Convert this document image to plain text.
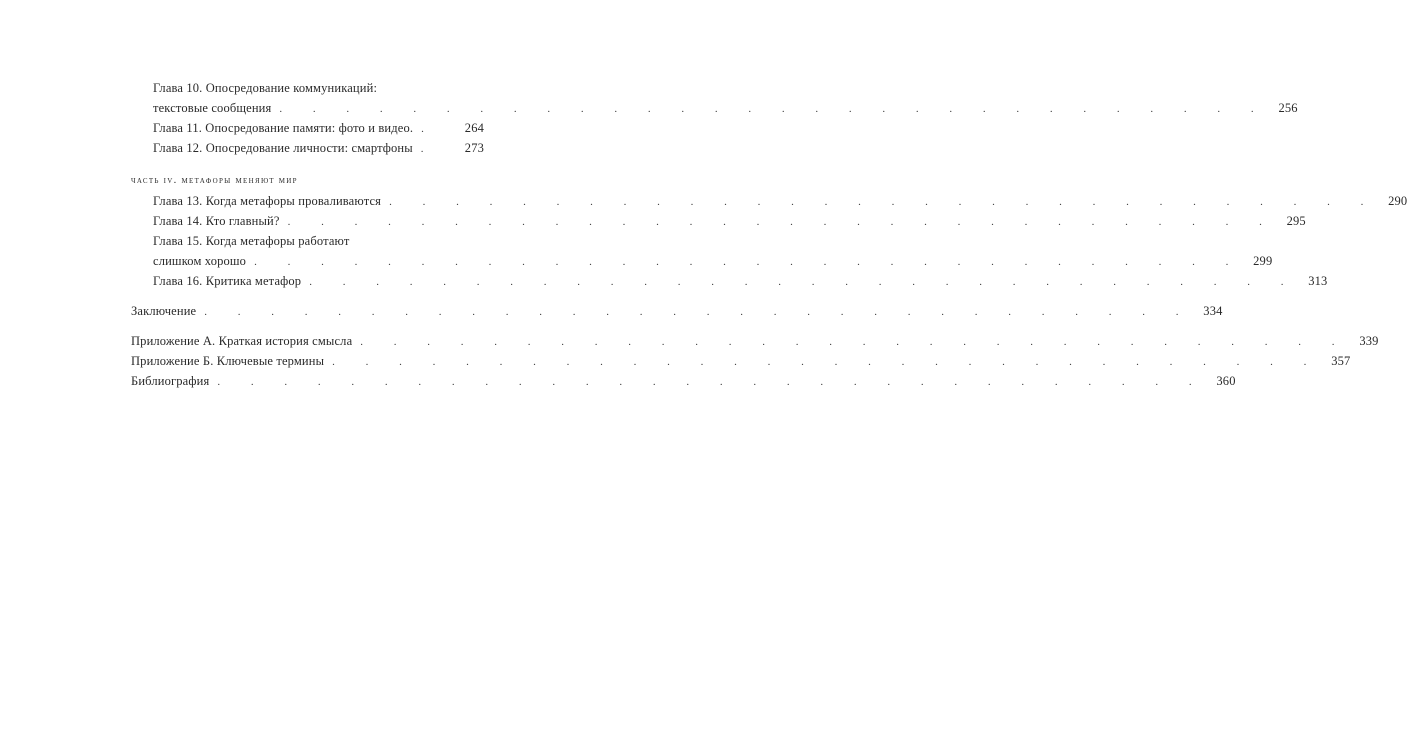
Глава 10. Опосредование коммуникаций:
текстовые сообщения . . . . . . . . . . . . . . . . . . . . . . . . . . . . . . 256
Глава 11. Опосредование памяти: фото и видео. .	264
Глава 12. Опосредование личности: смартфоны .	273
часть iv. метафоры меняют мир
Глава 13. Когда метафоры проваливаются . . . . . . . . . . . . . . . . . . . . . . . . . . . . . . 290
Глава 14. Кто главный? . . . . . . . . . . . . . . . . . . . . . . . . . . . . . . 295
Глава 15. Когда метафоры работают
слишком хорошо . . . . . . . . . . . . . . . . . . . . . . . . . . . . . . 299
Глава 16. Критика метафор . . . . . . . . . . . . . . . . . . . . . . . . . . . . . . 313
Заключение . . . . . . . . . . . . . . . . . . . . . . . . . . . . . . 334
Приложение А. Краткая история смысла . . . . . . . . . . . . . . . . . . . . . . . . . . . . . . 339
Приложение Б. Ключевые термины . . . . . . . . . . . . . . . . . . . . . . . . . . . . . . 357
Библиография . . . . . . . . . . . . . . . . . . . . . . . . . . . . . . 360
